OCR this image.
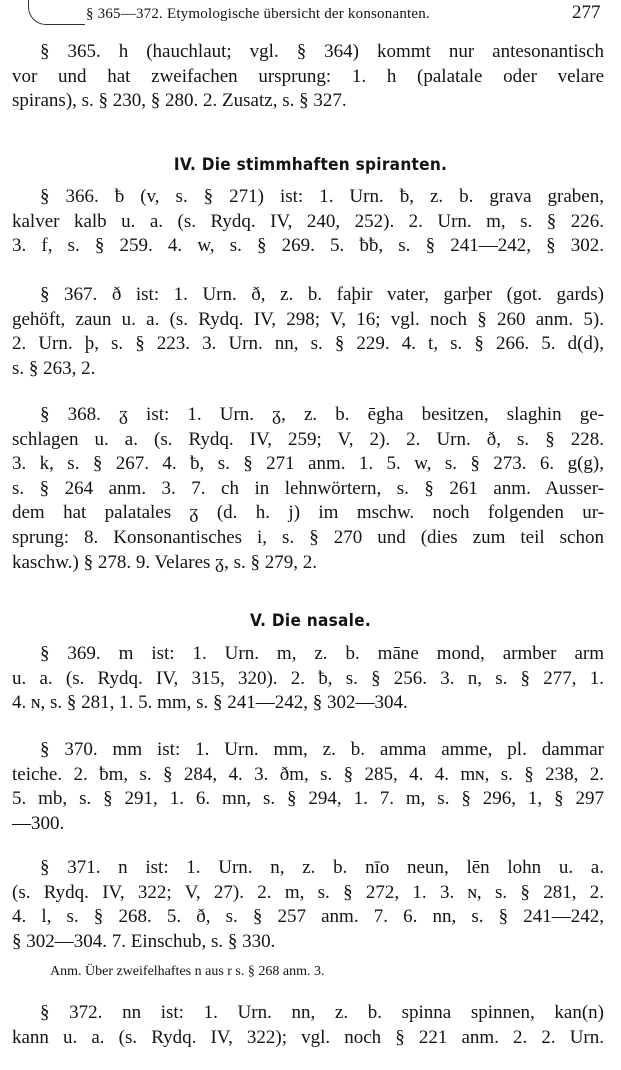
§ 365—372. Etymologische übersicht der konsonanten.	277
§ 365. h (hauchlaut; vgl. § 364) kommt nur antesonantisch
vor und hat zweifachen ursprung: 1. h (palatale oder velare
spirans), s. § 230, § 280. 2. Zusatz, s. § 327.
IV. Die stimmhaften spiranten.
§ 366. ƀ (v, s. § 271) ist: 1. Urn. ƀ, z. b. grava graben,
kalver kalb u. a. (s. Rydq. IV, 240, 252). 2. Urn. m, s. § 226.
3. f, s. § 259. 4. w, s. § 269. 5. ƀƀ, s. § 241—242, § 302.
§ 367. ð ist: 1. Urn. ð, z. b. faþir vater, garþer (got. gards)
gehöft, zaun u. a. (s. Rydq. IV, 298; V, 16; vgl. noch § 260 anm. 5).
2. Urn. þ, s. § 223. 3. Urn. nn, s. § 229. 4. t, s. § 266. 5. d(d),
s. § 263, 2.
§ 368. ᵹ ist: 1. Urn. ᵹ, z. b. ēgha besitzen, slaghin ge-
schlagen u. a. (s. Rydq. IV, 259; V, 2). 2. Urn. ð, s. § 228.
3. k, s. § 267. 4. ƀ, s. § 271 anm. 1. 5. w, s. § 273. 6. g(g),
s. § 264 anm. 3. 7. ch in lehnwörtern, s. § 261 anm. Ausser-
dem hat palatales ᵹ (d. h. j) im mschw. noch folgenden ur-
sprung: 8. Konsonantisches i, s. § 270 und (dies zum teil schon
kaschw.) § 278. 9. Velares ᵹ, s. § 279, 2.
V. Die nasale.
§ 369. m ist: 1. Urn. m, z. b. māne mond, armber arm
u. a. (s. Rydq. IV, 315, 320). 2. ƀ, s. § 256. 3. n, s. § 277, 1.
4. ɴ, s. § 281, 1. 5. mm, s. § 241—242, § 302—304.
§ 370. mm ist: 1. Urn. mm, z. b. amma amme, pl. dammar
teiche. 2. ƀm, s. § 284, 4. 3. ðm, s. § 285, 4. 4. mɴ, s. § 238, 2.
5. mb, s. § 291, 1. 6. mn, s. § 294, 1. 7. m, s. § 296, 1, § 297
—300.
§ 371. n ist: 1. Urn. n, z. b. nīo neun, lēn lohn u. a.
(s. Rydq. IV, 322; V, 27). 2. m, s. § 272, 1. 3. ɴ, s. § 281, 2.
4. l, s. § 268. 5. ð, s. § 257 anm. 7. 6. nn, s. § 241—242,
§ 302—304. 7. Einschub, s. § 330.
Anm. Über zweifelhaftes n aus r s. § 268 anm. 3.
§ 372. nn ist: 1. Urn. nn, z. b. spinna spinnen, kan(n)
kann u. a. (s. Rydq. IV, 322); vgl. noch § 221 anm. 2. 2. Urn.
